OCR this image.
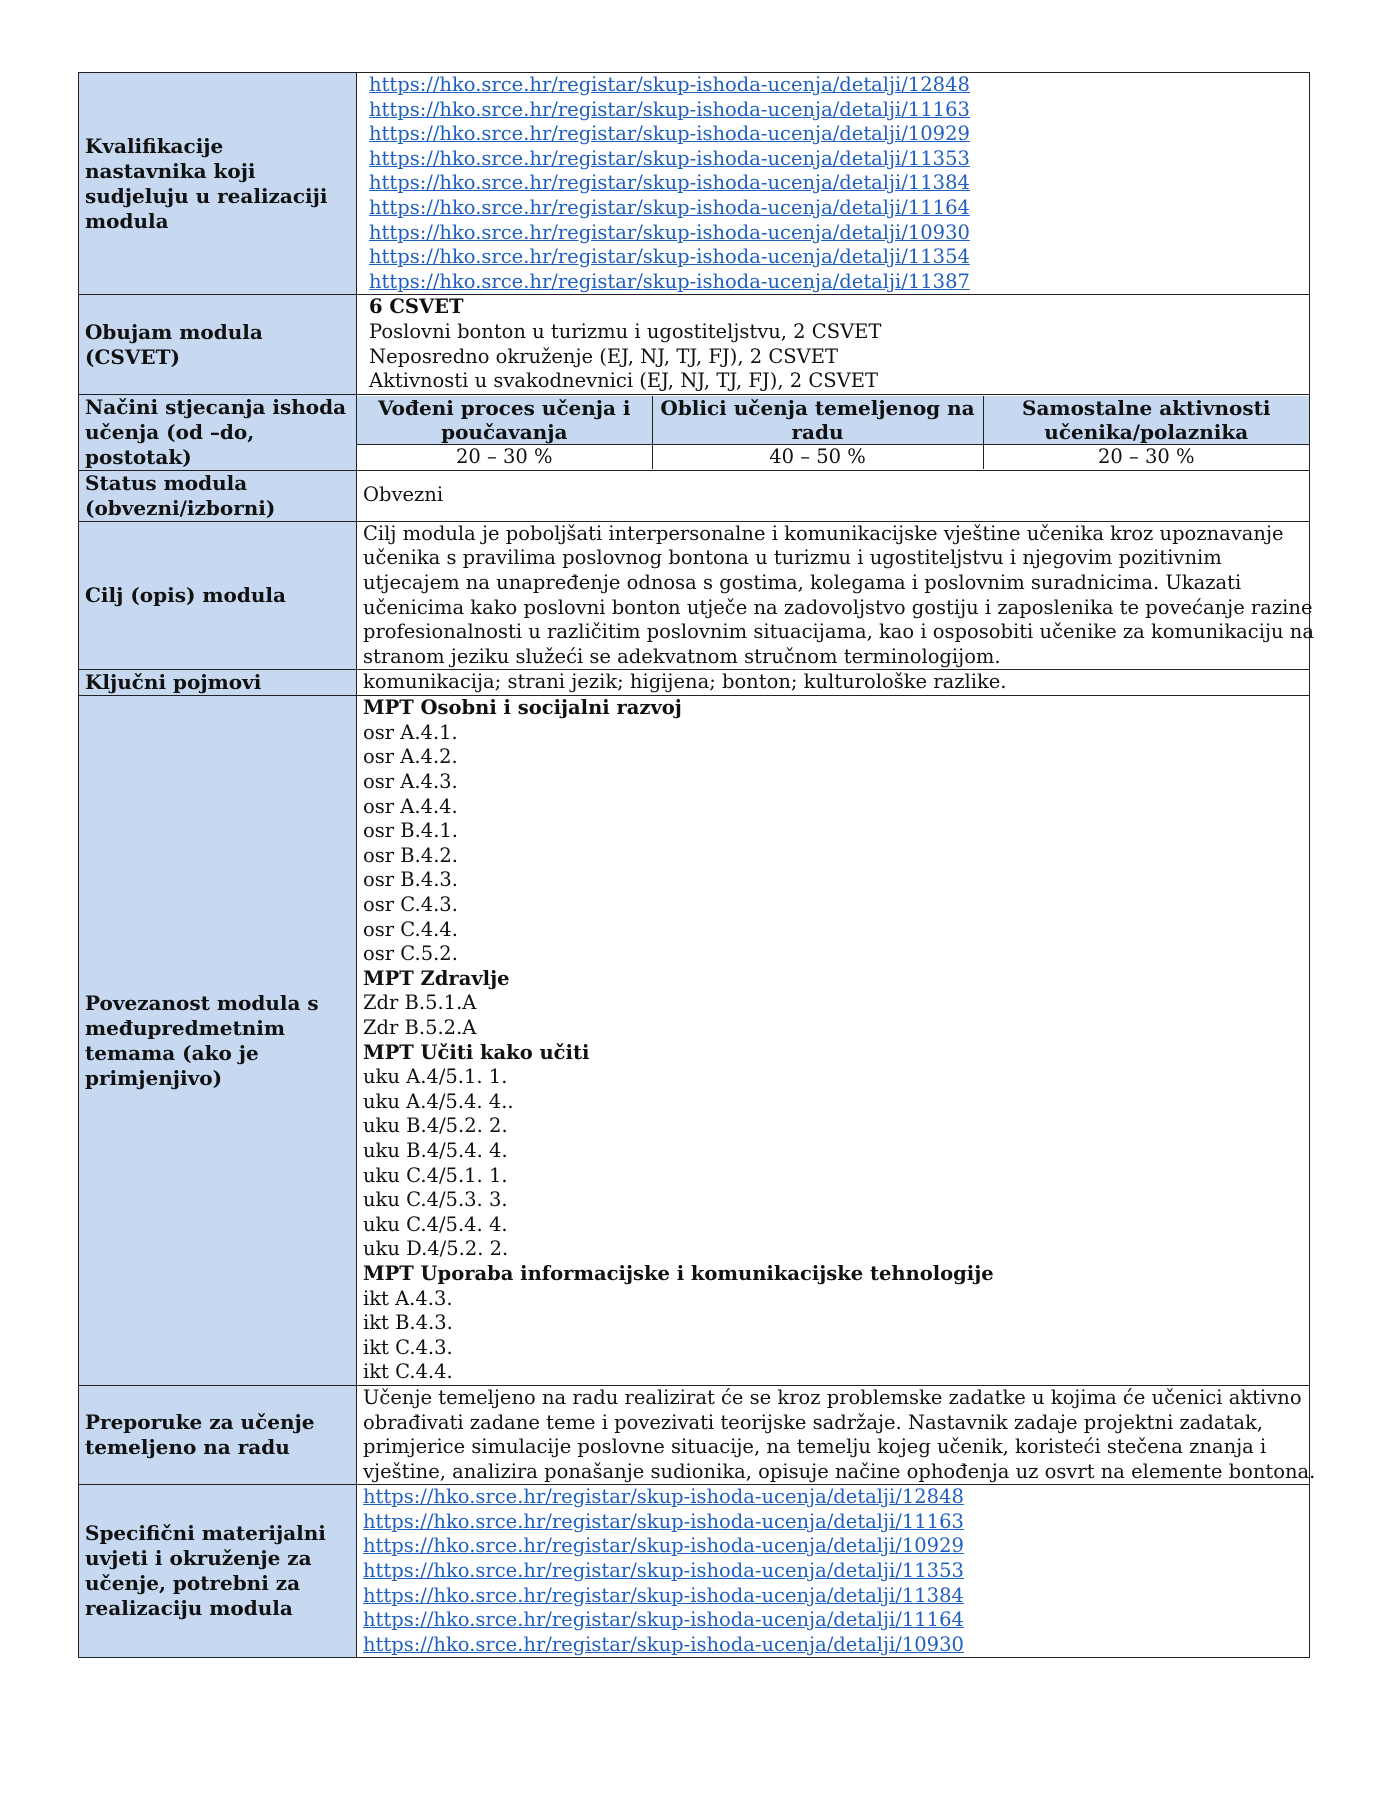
Kvalifikacije nastavnika koji sudjeluju u realizaciji modula	
https://hko.srce.hr/registar/skup-ishoda-ucenja/detalji/12848
https://hko.srce.hr/registar/skup-ishoda-ucenja/detalji/11163
https://hko.srce.hr/registar/skup-ishoda-ucenja/detalji/10929
https://hko.srce.hr/registar/skup-ishoda-ucenja/detalji/11353
https://hko.srce.hr/registar/skup-ishoda-ucenja/detalji/11384
https://hko.srce.hr/registar/skup-ishoda-ucenja/detalji/11164
https://hko.srce.hr/registar/skup-ishoda-ucenja/detalji/10930
https://hko.srce.hr/registar/skup-ishoda-ucenja/detalji/11354
https://hko.srce.hr/registar/skup-ishoda-ucenja/detalji/11387

Obujam modula (CSVET)	
6 CSVET
Poslovni bonton u turizmu i ugostiteljstvu, 2 CSVET
Neposredno okruženje (EJ, NJ, TJ, FJ), 2 CSVET
Aktivnosti u svakodnevnici (EJ, NJ, TJ, FJ), 2 CSVET

Načini stjecanja ishoda učenja (od –do, postotak)	
Vođeni proces učenja i poučavanja	Oblici učenja temeljenog na radu	Samostalne aktivnosti učenika/polaznika
20 – 30 %	40 – 50 %	20 – 30 %

Status modula (obvezni/izborni)	Obvezni
Cilj (opis) modula	
Cilj modula je poboljšati interpersonalne i komunikacijske vještine učenika kroz upoznavanje
učenika s pravilima poslovnog bontona u turizmu i ugostiteljstvu i njegovim pozitivnim
utjecajem na unapređenje odnosa s gostima, kolegama i poslovnim suradnicima. Ukazati
učenicima kako poslovni bonton utječe na zadovoljstvo gostiju i zaposlenika te povećanje razine
profesionalnosti u različitim poslovnim situacijama, kao i osposobiti učenike za komunikaciju na
stranom jeziku služeći se adekvatnom stručnom terminologijom.

Ključni pojmovi	komunikacija; strani jezik; higijena; bonton; kulturološke razlike.
Povezanost modula s međupredmetnim temama (ako je primjenjivo)	
MPT Osobni i socijalni razvoj
osr A.4.1.
osr A.4.2.
osr A.4.3.
osr A.4.4.
osr B.4.1.
osr B.4.2.
osr B.4.3.
osr C.4.3.
osr C.4.4.
osr C.5.2.
MPT Zdravlje
Zdr B.5.1.A
Zdr B.5.2.A
MPT Učiti kako učiti
uku A.4/5.1. 1.
uku A.4/5.4. 4..
uku B.4/5.2. 2.
uku B.4/5.4. 4.
uku C.4/5.1. 1.
uku C.4/5.3. 3.
uku C.4/5.4. 4.
uku D.4/5.2. 2.
MPT Uporaba informacijske i komunikacijske tehnologije
ikt A.4.3.
ikt B.4.3.
ikt C.4.3.
ikt C.4.4.

Preporuke za učenje temeljeno na radu	
Učenje temeljeno na radu realizirat će se kroz problemske zadatke u kojima će učenici aktivno
obrađivati zadane teme i povezivati teorijske sadržaje. Nastavnik zadaje projektni zadatak,
primjerice simulacije poslovne situacije, na temelju kojeg učenik, koristeći stečena znanja i
vještine, analizira ponašanje sudionika, opisuje načine ophođenja uz osvrt na elemente bontona.

Specifični materijalni uvjeti i okruženje za učenje, potrebni za realizaciju modula	
https://hko.srce.hr/registar/skup-ishoda-ucenja/detalji/12848
https://hko.srce.hr/registar/skup-ishoda-ucenja/detalji/11163
https://hko.srce.hr/registar/skup-ishoda-ucenja/detalji/10929
https://hko.srce.hr/registar/skup-ishoda-ucenja/detalji/11353
https://hko.srce.hr/registar/skup-ishoda-ucenja/detalji/11384
https://hko.srce.hr/registar/skup-ishoda-ucenja/detalji/11164
https://hko.srce.hr/registar/skup-ishoda-ucenja/detalji/10930
